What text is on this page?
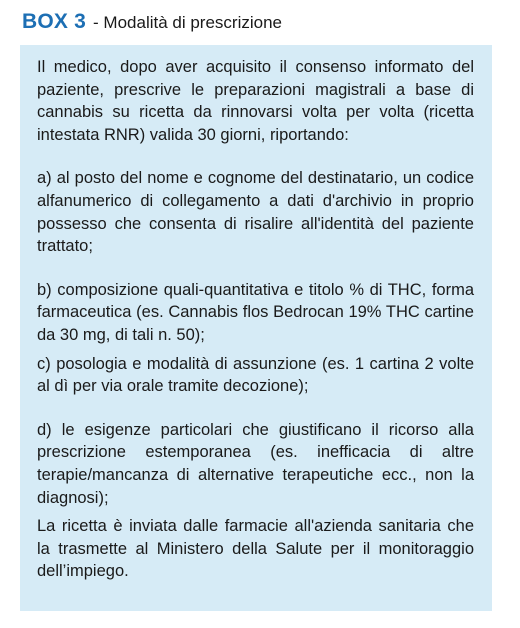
BOX 3 - Modalità di prescrizione

Il medico, dopo aver acquisito il consenso informato del paziente, prescrive le preparazioni magistrali a base di cannabis su ricetta da rinnovarsi volta per volta (ricetta intestata RNR) valida 30 giorni, riportando:

a) al posto del nome e cognome del destinatario, un codice alfanumerico di collegamento a dati d'archivio in proprio possesso che consenta di risalire all'identità del paziente trattato;

b) composizione quali-quantitativa e titolo % di THC, forma farmaceutica (es. Cannabis flos Bedrocan 19% THC cartine da 30 mg, di tali n. 50);

c) posologia e modalità di assunzione (es. 1 cartina 2 volte al dì per via orale tramite decozione);

d) le esigenze particolari che giustificano il ricorso alla prescrizione estemporanea (es. inefficacia di altre terapie/mancanza di alternative terapeutiche ecc., non la diagnosi);

La ricetta è inviata dalle farmacie all'azienda sanitaria che la trasmette al Ministero della Salute per il monitoraggio dell’impiego.
